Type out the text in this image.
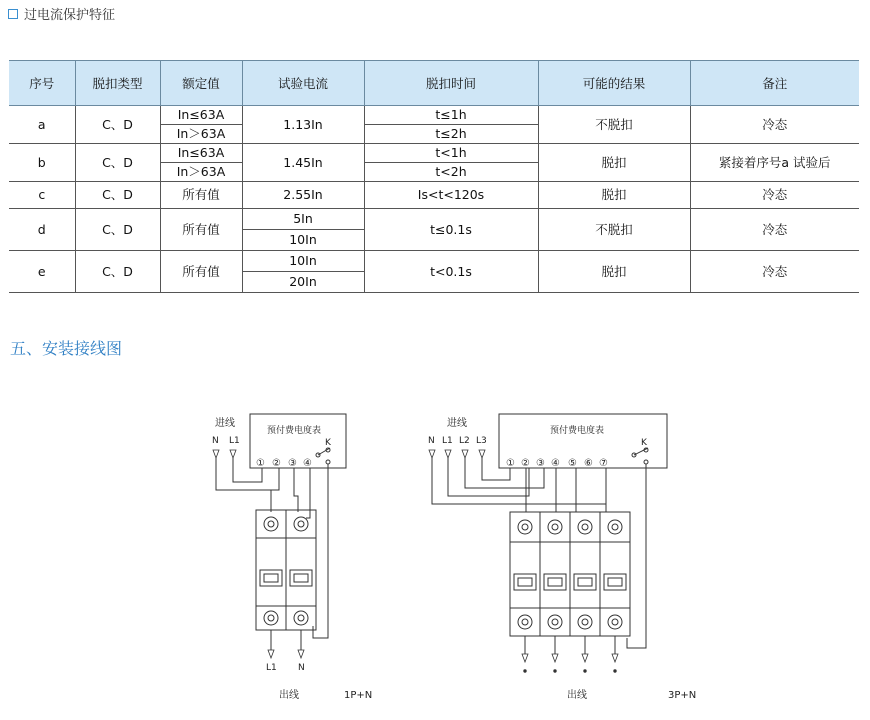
过电流保护特征
序号	脱扣类型	额定值	试验电流	脱扣时间	可能的结果	备注
a	C、D	In≤63A	1.13In	t≤1h	不脱扣	冷态
		In＞63A		t≤2h		
b	C、D	In≤63A	1.45In	t<1h	脱扣	紧接着序号a 试验后
		In＞63A		t<2h		
c	C、D	所有值	2.55In	Is<t<120s	脱扣	冷态
d	C、D	所有值	5In	t≤0.1s	不脱扣	冷态
			10In			
e	C、D	所有值	10In	t<0.1s	脱扣	冷态
			20In			
五、安装接线图
进线
预付费电度表
K
① ② ③ ④
N L1
L1 N
出线	1P+N
进线
预付费电度表
K
① ② ③ ④ ⑤ ⑥ ⑦
N L1 L2 L3
出线	3P+N
